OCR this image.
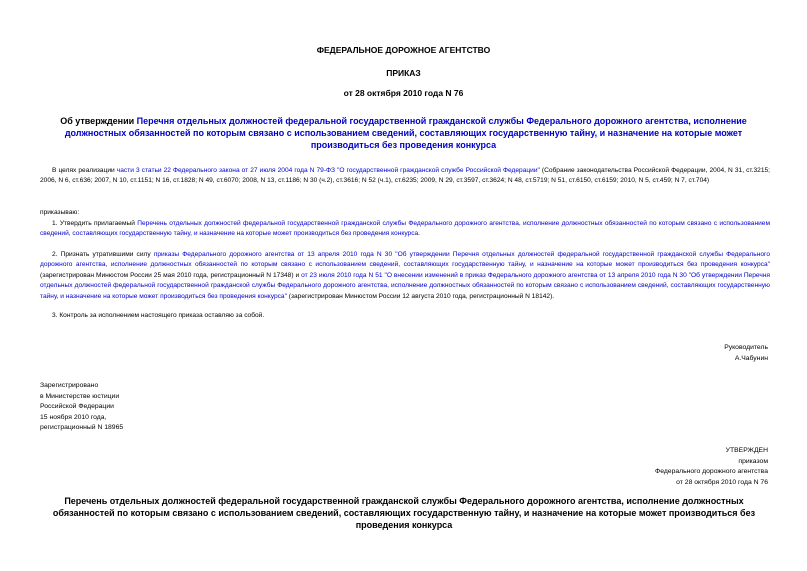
ФЕДЕРАЛЬНОЕ ДОРОЖНОЕ АГЕНТСТВО
ПРИКАЗ
от 28 октября 2010 года N 76
Об утверждении Перечня отдельных должностей федеральной государственной гражданской службы Федерального дорожного агентства, исполнение должностных обязанностей по которым связано с использованием сведений, составляющих государственную тайну, и назначение на которые может производиться без проведения конкурса
В целях реализации части 3 статьи 22 Федерального закона от 27 июля 2004 года N 79-ФЗ "О государственной гражданской службе Российской Федерации" (Собрание законодательства Российской Федерации, 2004, N 31, ст.3215; 2006, N 6, ст.636; 2007, N 10, ст.1151; N 16, ст.1828; N 49, ст.6070; 2008, N 13, ст.1186; N 30 (ч.2), ст.3616; N 52 (ч.1), ст.6235; 2009, N 29, ст.3597, ст.3624; N 48, ст.5719; N 51, ст.6150, ст.6159; 2010, N 5, ст.459; N 7, ст.704)
приказываю:
1. Утвердить прилагаемый Перечень отдельных должностей федеральной государственной гражданской службы Федерального дорожного агентства, исполнение должностных обязанностей по которым связано с использованием сведений, составляющих государственную тайну, и назначение на которые может производиться без проведения конкурса.
2. Признать утратившими силу приказы Федерального дорожного агентства от 13 апреля 2010 года N 30 "Об утверждении Перечня отдельных должностей федеральной государственной гражданской службы Федерального дорожного агентства, исполнение должностных обязанностей по которым связано с использованием сведений, составляющих государственную тайну, и назначение на которые может производиться без проведения конкурса" (зарегистрирован Минюстом России 25 мая 2010 года, регистрационный N 17348) и от 23 июля 2010 года N 51 "О внесении изменений в приказ Федерального дорожного агентства от 13 апреля 2010 года N 30 "Об утверждении Перечня отдельных должностей федеральной государственной гражданской службы Федерального дорожного агентства, исполнение должностных обязанностей по которым связано с использованием сведений, составляющих государственную тайну, и назначение на которые может производиться без проведения конкурса" (зарегистрирован Минюстом России 12 августа 2010 года, регистрационный N 18142).
3. Контроль за исполнением настоящего приказа оставляю за собой.
Руководитель
А.Чабунин
Зарегистрировано
в Министерстве юстиции
Российской Федерации
15 ноября 2010 года,
регистрационный N 18965
УТВЕРЖДЕН
приказом
Федерального дорожного агентства
от 28 октября 2010 года N 76
Перечень отдельных должностей федеральной государственной гражданской службы Федерального дорожного агентства, исполнение должностных обязанностей по которым связано с использованием сведений, составляющих государственную тайну, и назначение на которые может производиться без проведения конкурса
